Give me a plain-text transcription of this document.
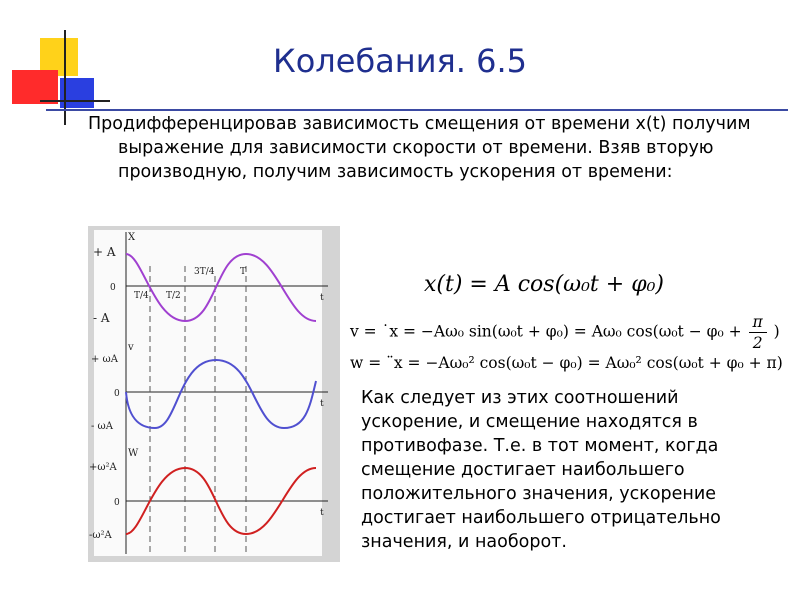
Колебания. 6.5

Продифференцировав зависимость смещения от времени x(t) получим выражение для зависимости скорости от времени. Взяв вторую производную, получим зависимость ускорения от времени:

X
+ A
- A
0
t
v
+ ωA
- ωA
0
t
W
+ω²A
-ω²A
0
t
T/4 T/2
3T/4	T	x(t) = A cos(ω₀t + φ₀)
v = ˙x = −Aω₀ sin(ω₀t + φ₀) = Aω₀ $\cos(\omega_0t - \varphi_0 + \frac{\pi}{2}$ )
w = ¨x = −Aω₀² cos(ω₀t − φ₀) = Aω₀² cos(ω₀t + φ₀ + π)
Как следует из этих соотношений ускорение, и смещение находятся в противофазе. Т.е. в тот момент, когда смещение достигает наибольшего положительного значения, ускорение достигает наибольшего отрицательно значения, и наоборот.
